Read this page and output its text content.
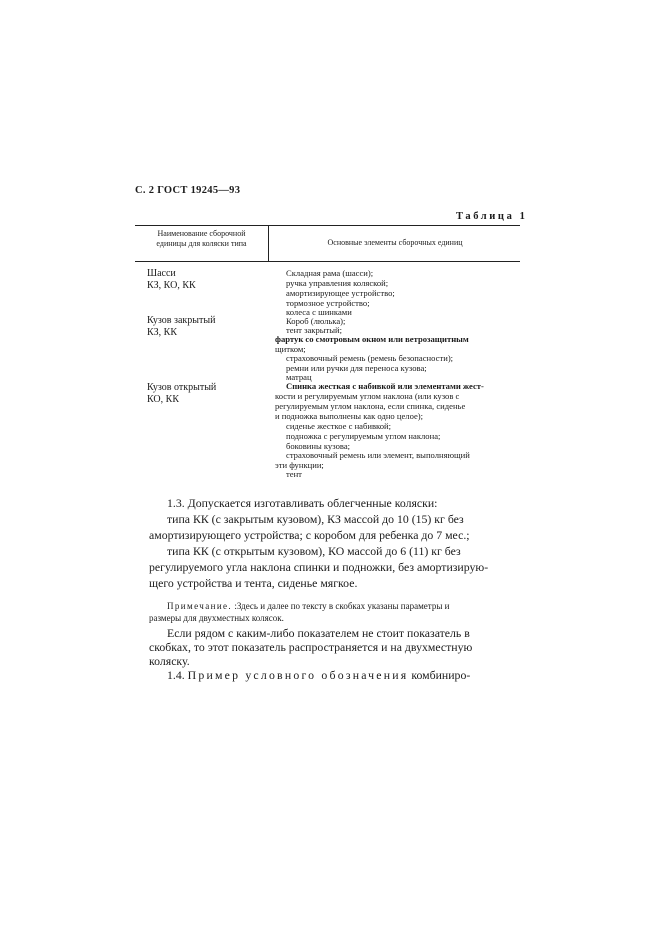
С. 2 ГОСТ 19245—93
Таблица 1
Наименование сборочной
единицы для коляски типа	Основные элементы сборочных единиц
Шасси
КЗ, КО, КК
Кузов закрытый
КЗ, КК
Кузов открытый
КО, КК
Складная рама (шасси);
ручка управления коляской;
амортизирующее устройство;
тормозное устройство;
колеса с шинками
Короб (люлька);
тент закрытый;
фартук со смотровым окном или ветрозащитным
щитком;
страховочный ремень (ремень безопасности);
ремни или ручки для переноса кузова;
матрац
Спинка жесткая с набивкой или элементами жест-
кости и регулируемым углом наклона (или кузов с
регулируемым углом наклона, если спинка, сиденье
и подножка выполнены как одно целое);
сиденье жесткое с набивкой;
подножка с регулируемым углом наклона;
боковины кузова;
страховочный ремень или элемент, выполняющий
эти функции;
тент
1.3. Допускается изготавливать облегченные коляски:
типа КК (с закрытым кузовом), КЗ массой до 10 (15) кг без
амортизирующего устройства; с коробом для ребенка до 7 мес.;
типа КК (с открытым кузовом), КО массой до 6 (11) кг без
регулируемого угла наклона спинки и подножки, без амортизирую-
щего устройства и тента, сиденье мягкое.
Примечание. :Здесь и далее по тексту в скобках указаны параметры и
размеры для двухместных колясок.
Если рядом с каким-либо показателем не стоит показатель в
скобках, то этот показатель распространяется и на двухместную
коляску.
1.4. Пример условного обозначения комбиниро-
